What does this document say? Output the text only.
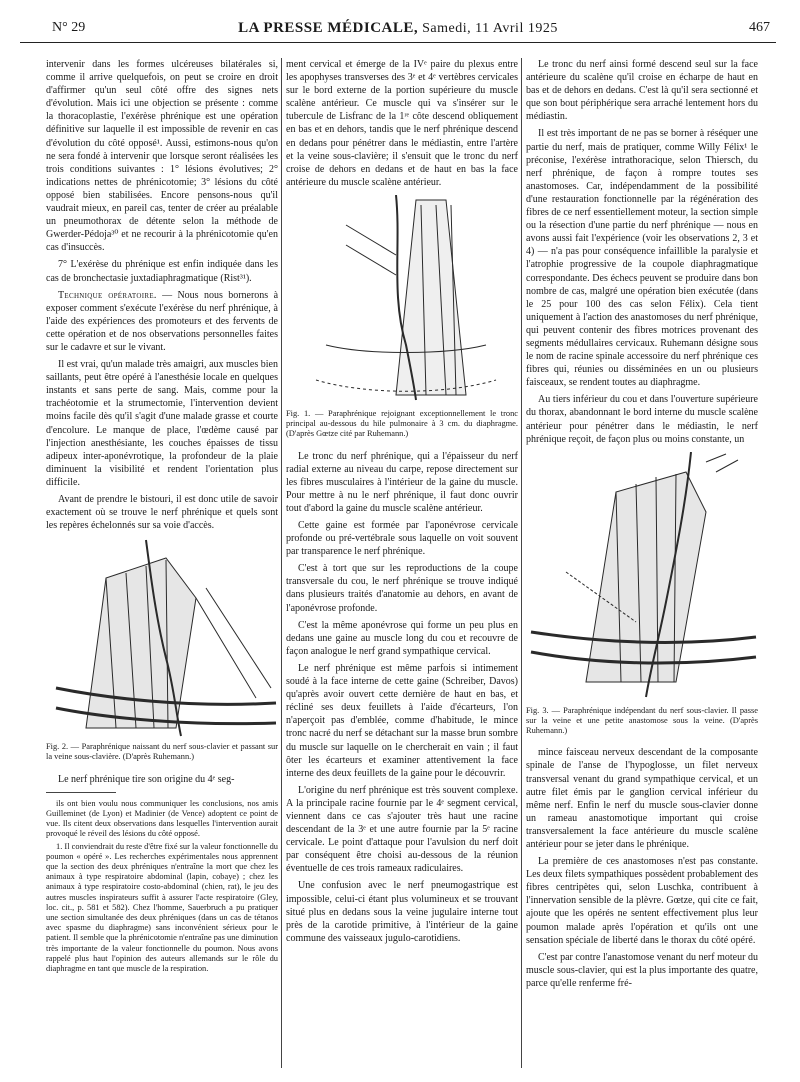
N° 29	LA PRESSE MÉDICALE, Samedi, 11 Avril 1925	467

intervenir dans les formes ulcéreuses bilatérales si, comme il arrive quelquefois, on peut se croire en droit d'affirmer qu'un seul côté offre des signes nets d'évolution. Mais ici une objection se présente : comme la thoracoplastie, l'exérèse phrénique est une opération définitive sur laquelle il est impossible de revenir en cas d'évolution du côté opposé¹. Aussi, estimons-nous qu'on ne sera fondé à intervenir que lorsque seront réalisées les trois conditions suivantes : 1° lésions évolutives; 2° indications nettes de phrénicotomie; 3° lésions du côté opposé bien stabilisées. Encore pensons-nous qu'il vaudrait mieux, en pareil cas, tenter de créer au préalable un pneumothorax de détente selon la méthode de Gwerder-Pédoja³⁰ et ne recourir à la phrénicotomie qu'en cas d'insuccès.

7° L'exérèse du phrénique est enfin indiquée dans les cas de bronchectasie juxtadiaphragmatique (Rist³¹).

Technique opératoire. — Nous nous bornerons à exposer comment s'exécute l'exérèse du nerf phrénique, à l'aide des expériences des promoteurs et des fervents de cette opération et de nos observations personnelles faites sur le cadavre et sur le vivant.

Il est vrai, qu'un malade très amaigri, aux muscles bien saillants, peut être opéré à l'anesthésie locale en quelques instants et sans perte de sang. Mais, comme pour la trachéotomie et la strumectomie, l'intervention devient moins facile dès qu'il s'agit d'une malade grasse et courte d'encolure. Le manque de place, l'œdème causé par l'injection anesthésiante, les couches épaisses de tissu adipeux inter-aponévrotique, la profondeur de la plaie diminuent la visibilité et rendent l'orientation plus difficile.

Avant de prendre le bistouri, il est donc utile de savoir exactement où se trouve le nerf phrénique et quels sont les repères échelonnés sur sa voie d'accès.

Fig. 2. — Paraphrénique naissant du nerf sous-clavier et passant sur la veine sous-clavière. (D'après Ruhemann.)

Le nerf phrénique tire son origine du 4ᵉ seg-

ils ont bien voulu nous communiquer les conclusions, nos amis Guilleminet (de Lyon) et Madinier (de Vence) adoptent ce point de vue. Ils citent deux observations dans lesquelles l'intervention aurait provoqué le réveil des lésions du côté opposé.
1. Il conviendrait du reste d'être fixé sur la valeur fonctionnelle du poumon « opéré ». Les recherches expérimentales nous apprennent que la section des deux phréniques n'entraîne la mort que chez les animaux à type respiratoire abdominal (lapin, cobaye) ; chez les animaux à type respiratoire costo-abdominal (chien, rat), le jeu des autres muscles inspirateurs suffit à assurer l'acte respiratoire (Gley, loc. cit., p. 581 et 582). Chez l'homme, Sauerbruch a pu pratiquer une section simultanée des deux phréniques (dans un cas de tétanos avec spasme du diaphragme) sans inconvénient sérieux pour le patient. Il semble que la phrénicotomie n'entraîne pas une diminution très importante de la valeur fonctionnelle du poumon. Nous avons rappelé plus haut l'opinion des auteurs allemands sur le rôle du diaphragme en tant que muscle de la respiration.

ment cervical et émerge de la IVᵉ paire du plexus entre les apophyses transverses des 3ᵉ et 4ᵉ vertèbres cervicales sur le bord externe de la portion supérieure du muscle scalène antérieur. Ce muscle qui va s'insérer sur le tubercule de Lisfranc de la 1ʳᵉ côte descend obliquement en bas et en dehors, tandis que le nerf phrénique descend en dedans pour pénétrer dans le médiastin, entre l'artère et la veine sous-clavière; il s'ensuit que le tronc du nerf croise de dehors en dedans et de haut en bas la face antérieure du muscle scalène antérieur.

Fig. 1. — Paraphrénique rejoignant exceptionnellement le tronc principal au-dessous du hile pulmonaire à 3 cm. du diaphragme. (D'après Gœtze cité par Ruhemann.)

Le tronc du nerf phrénique, qui a l'épaisseur du nerf radial externe au niveau du carpe, repose directement sur les fibres musculaires à l'intérieur de la gaine du muscle. Pour mettre à nu le nerf phrénique, il faut donc ouvrir tout d'abord la gaine du muscle scalène antérieur.

Cette gaine est formée par l'aponévrose cervicale profonde ou pré-vertébrale sous laquelle on voit souvent par transparence le nerf phrénique.

C'est à tort que sur les reproductions de la coupe transversale du cou, le nerf phrénique se trouve indiqué dans plusieurs traités d'anatomie au dehors, en avant de l'aponévrose profonde.

C'est la même aponévrose qui forme un peu plus en dedans une gaine au muscle long du cou et recouvre de façon analogue le nerf grand sympathique cervical.

Le nerf phrénique est même parfois si intimement soudé à la face interne de cette gaine (Schreiber, Davos) qu'après avoir ouvert cette dernière de haut en bas, et récliné ses deux feuillets à l'aide d'écarteurs, l'on n'aperçoit pas d'emblée, comme d'habitude, le mince tronc nacré du nerf se détachant sur la masse brun sombre du muscle sur laquelle on le chercherait en vain ; il faut ôter les écarteurs et examiner attentivement la face interne des deux feuillets de la gaine pour le découvrir.

L'origine du nerf phrénique est très souvent complexe. A la principale racine fournie par le 4ᵉ segment cervical, viennent dans ce cas s'ajouter très haut une racine descendant de la 3ᵉ et une autre fournie par la 5ᵉ racine cervicale. Le point d'attaque pour l'avulsion du nerf doit par conséquent être choisi au-dessous de la réunion éventuelle de ces trois rameaux radiculaires.

Une confusion avec le nerf pneumogastrique est impossible, celui-ci étant plus volumineux et se trouvant situé plus en dedans sous la veine jugulaire interne tout près de la carotide primitive, à l'intérieur de la gaine commune des vaisseaux jugulo-carotidiens.

Le tronc du nerf ainsi formé descend seul sur la face antérieure du scalène qu'il croise en écharpe de haut en bas et de dehors en dedans. C'est là qu'il sera sectionné et que son bout périphérique sera arraché lentement hors du médiastin.

Il est très important de ne pas se borner à réséquer une partie du nerf, mais de pratiquer, comme Willy Félix¹ le préconise, l'exérèse intrathoracique, selon Thiersch, du nerf phrénique, de façon à rompre toutes ses anastomoses. Car, indépendamment de la possibilité d'une restauration fonctionnelle par la régénération des fibres de ce nerf essentiellement moteur, la section simple ou la résection d'une partie du nerf phrénique — nous en avons aussi fait l'expérience (voir les observations 2, 3 et 4) — n'a pas pour conséquence infaillible la paralysie et l'atrophie progressive de la coupole diaphragmatique correspondante. Des échecs peuvent se produire dans bon nombre de cas, malgré une opération bien exécutée (dans le 25 pour 100 des cas selon Félix). Cela tient uniquement à l'action des anastomoses du nerf phrénique, qui peuvent contenir des fibres motrices provenant des segments médullaires cervicaux. Ruhemann désigne sous le nom de racine spinale accessoire du nerf phrénique ces fibres qui, réunies ou disséminées en un ou plusieurs faisceaux, se rendent toutes au diaphragme.

Au tiers inférieur du cou et dans l'ouverture supérieure du thorax, abandonnant le bord interne du muscle scalène antérieur pour pénétrer dans le médiastin, le nerf phrénique reçoit, de façon plus ou moins constante, un

Fig. 3. — Paraphrénique indépendant du nerf sous-clavier. Il passe sur la veine et une petite anastomose sous la veine. (D'après Ruhemann.)

mince faisceau nerveux descendant de la composante spinale de l'anse de l'hypoglosse, un filet nerveux transversal venant du grand sympathique cervical, et un autre filet émis par le ganglion cervical inférieur du même nerf. Enfin le nerf du muscle sous-clavier donne un rameau anastomotique important qui croise transversalement la face antérieure du muscle scalène antérieur pour se jeter dans le phrénique.

La première de ces anastomoses n'est pas constante. Les deux filets sympathiques possèdent probablement des fibres centripètes qui, selon Luschka, contribuent à l'innervation sensible de la plèvre. Gœtze, qui cite ce fait, ajoute que les opérés ne sentent effectivement plus leur poumon malade après l'opération et qu'ils ont une sensation spéciale de liberté dans le thorax du côté opéré.

C'est par contre l'anastomose venant du nerf moteur du muscle sous-clavier, qui est la plus importante des quatre, parce qu'elle renferme fré-
